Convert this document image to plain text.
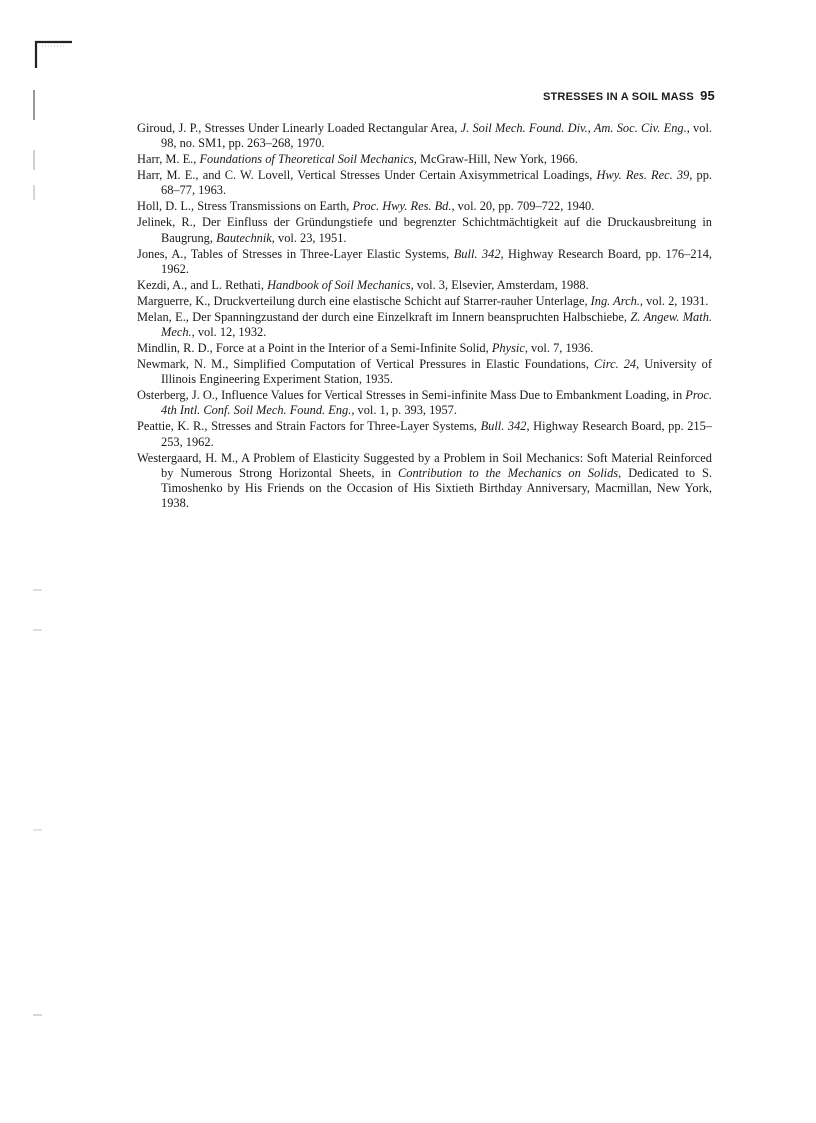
STRESSES IN A SOIL MASS 95
Giroud, J. P., Stresses Under Linearly Loaded Rectangular Area, J. Soil Mech. Found. Div., Am. Soc. Civ. Eng., vol. 98, no. SM1, pp. 263–268, 1970.
Harr, M. E., Foundations of Theoretical Soil Mechanics, McGraw-Hill, New York, 1966.
Harr, M. E., and C. W. Lovell, Vertical Stresses Under Certain Axisymmetrical Loadings, Hwy. Res. Rec. 39, pp. 68–77, 1963.
Holl, D. L., Stress Transmissions on Earth, Proc. Hwy. Res. Bd., vol. 20, pp. 709–722, 1940.
Jelinek, R., Der Einfluss der Gründungstiefe und begrenzter Schichtmächtigkeit auf die Druckausbreitung in Baugrung, Bautechnik, vol. 23, 1951.
Jones, A., Tables of Stresses in Three-Layer Elastic Systems, Bull. 342, Highway Research Board, pp. 176–214, 1962.
Kezdi, A., and L. Rethati, Handbook of Soil Mechanics, vol. 3, Elsevier, Amsterdam, 1988.
Marguerre, K., Druckverteilung durch eine elastische Schicht auf Starrer-rauher Unterlage, Ing. Arch., vol. 2, 1931.
Melan, E., Der Spanningzustand der durch eine Einzelkraft im Innern beanspruchten Halbschiebe, Z. Angew. Math. Mech., vol. 12, 1932.
Mindlin, R. D., Force at a Point in the Interior of a Semi-Infinite Solid, Physic, vol. 7, 1936.
Newmark, N. M., Simplified Computation of Vertical Pressures in Elastic Foundations, Circ. 24, University of Illinois Engineering Experiment Station, 1935.
Osterberg, J. O., Influence Values for Vertical Stresses in Semi-infinite Mass Due to Embankment Loading, in Proc. 4th Intl. Conf. Soil Mech. Found. Eng., vol. 1, p. 393, 1957.
Peattie, K. R., Stresses and Strain Factors for Three-Layer Systems, Bull. 342, Highway Research Board, pp. 215–253, 1962.
Westergaard, H. M., A Problem of Elasticity Suggested by a Problem in Soil Mechanics: Soft Material Reinforced by Numerous Strong Horizontal Sheets, in Contribution to the Mechanics on Solids, Dedicated to S. Timoshenko by His Friends on the Occasion of His Sixtieth Birthday Anniversary, Macmillan, New York, 1938.
